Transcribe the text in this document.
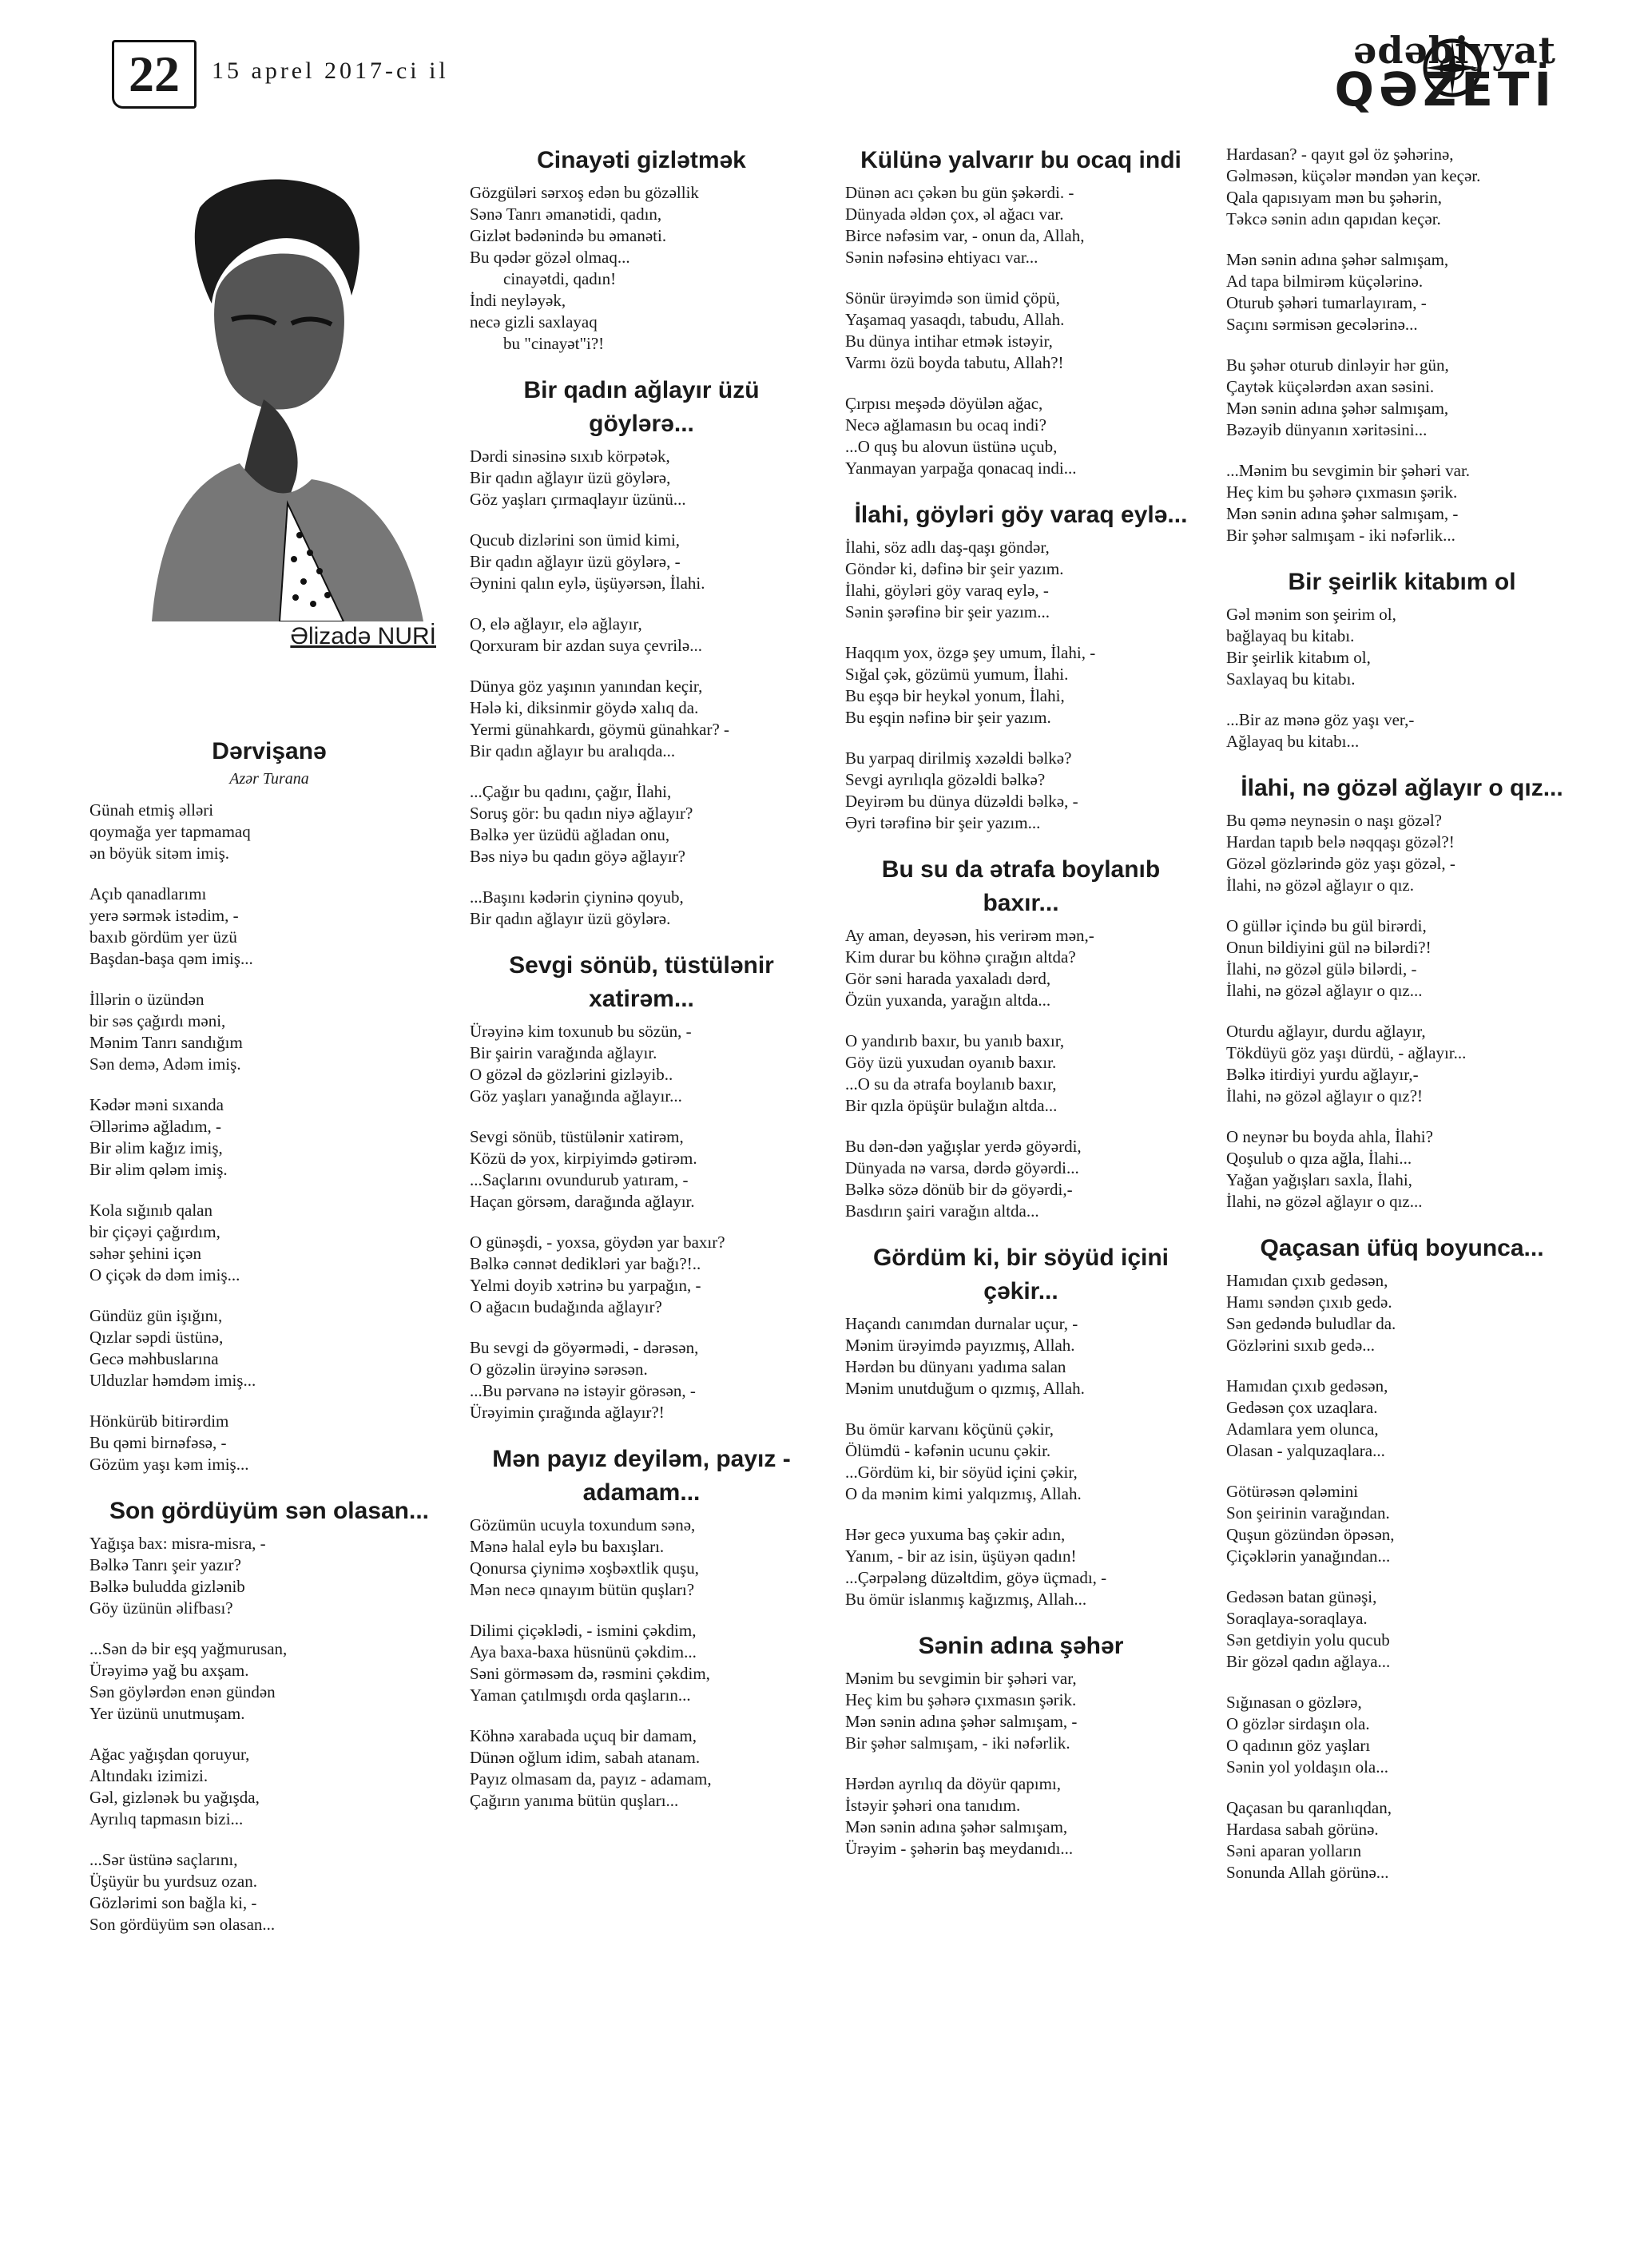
22	15 aprel 2017-ci il	ədəbiyyat
QƏZETİ
Əlizadə NURİ
Dərvişanə
Azər Turana
Günah etmiş əlləri
qoymağa yer tapmamaq
ən böyük sitəm imiş.
Açıb qanadlarımı
yerə sərmək istədim, -
baxıb gördüm yer üzü
Başdan-başa qəm imiş...
İllərin o üzündən
bir səs çağırdı məni,
Mənim Tanrı sandığım
Sən demə, Adəm imiş.
Kədər məni sıxanda
Əllərimə ağladım, -
Bir əlim kağız imiş,
Bir əlim qələm imiş.
Kola sığınıb qalan
bir çiçəyi çağırdım,
səhər şehini içən
O çiçək də dəm imiş...
Gündüz gün işığını,
Qızlar səpdi üstünə,
Gecə məhbuslarına
Ulduzlar həmdəm imiş...
Hönkürüb bitirərdim
Bu qəmi birnəfəsə, -
Gözüm yaşı kəm imiş...
Son gördüyüm sən olasan...
Yağışa bax: misra-misra, -
Bəlkə Tanrı şeir yazır?
Bəlkə buludda gizlənib
Göy üzünün əlifbası?
...Sən də bir eşq yağmurusan,
Ürəyimə yağ bu axşam.
Sən göylərdən enən gündən
Yer üzünü unutmuşam.
Ağac yağışdan qoruyur,
Altındakı izimizi.
Gəl, gizlənək bu yağışda,
Ayrılıq tapmasın bizi...
...Sər üstünə saçlarını,
Üşüyür bu yurdsuz ozan.
Gözlərimi son bağla ki, -
Son gördüyüm sən olasan...
Cinayəti gizlətmək
Gözgüləri sərxoş edən bu gözəllik
Sənə Tanrı əmanətidi, qadın,
Gizlət bədənində bu əmanəti.
Bu qədər gözəl olmaq...
cinayətdi, qadın!
İndi neyləyək,
necə gizli saxlayaq
bu "cinayət"i?!
Bir qadın ağlayır üzü göylərə...
Dərdi sinəsinə sıxıb körpətək,
Bir qadın ağlayır üzü göylərə,
Göz yaşları çırmaqlayır üzünü...
Qucub dizlərini son ümid kimi,
Bir qadın ağlayır üzü göylərə, -
Əynini qalın eylə, üşüyərsən, İlahi.
O, elə ağlayır, elə ağlayır,
Qorxuram bir azdan suya çevrilə...
Dünya göz yaşının yanından keçir,
Hələ ki, diksinmir göydə xalıq da.
Yermi günahkardı, göymü günahkar? -
Bir qadın ağlayır bu aralıqda...
...Çağır bu qadını, çağır, İlahi,
Soruş gör: bu qadın niyə ağlayır?
Bəlkə yer üzüdü ağladan onu,
Bəs niyə bu qadın göyə ağlayır?
...Başını kədərin çiyninə qoyub,
Bir qadın ağlayır üzü göylərə.
Sevgi sönüb, tüstülənir xatirəm...
Ürəyinə kim toxunub bu sözün, -
Bir şairin varağında ağlayır.
O gözəl də gözlərini gizləyib..
Göz yaşları yanağında ağlayır...
Sevgi sönüb, tüstülənir xatirəm,
Közü də yox, kirpiyimdə gətirəm.
...Saçlarını ovundurub yatıram, -
Haçan görsəm, darağında ağlayır.
O günəşdi, - yoxsa, göydən yar baxır?
Bəlkə cənnət dedikləri yar bağı?!..
Yelmi doyib xətrinə bu yarpağın, -
O ağacın budağında ağlayır?
Bu sevgi də göyərmədi, - dərəsən,
O gözəlin ürəyinə sərəsən.
...Bu pərvanə nə istəyir görəsən, -
Ürəyimin çırağında ağlayır?!
Mən payız deyiləm, payız - adamam...
Gözümün ucuyla toxundum sənə,
Mənə halal eylə bu baxışları.
Qonursa çiynimə xoşbəxtlik quşu,
Mən necə qınayım bütün quşları?
Dilimi çiçəklədi, - ismini çəkdim,
Aya baxa-baxa hüsnünü çəkdim...
Səni görməsəm də, rəsmini çəkdim,
Yaman çatılmışdı orda qaşların...
Köhnə xarabada uçuq bir damam,
Dünən oğlum idim, sabah atanam.
Payız olmasam da, payız - adamam,
Çağırın yanıma bütün quşları...
Külünə yalvarır bu ocaq indi
Dünən acı çəkən bu gün şəkərdi. -
Dünyada əldən çox, əl ağacı var.
Birce nəfəsim var, - onun da, Allah,
Sənin nəfəsinə ehtiyacı var...
Sönür ürəyimdə son ümid çöpü,
Yaşamaq yasaqdı, tabudu, Allah.
Bu dünya intihar etmək istəyir,
Varmı özü boyda tabutu, Allah?!
Çırpısı meşədə döyülən ağac,
Necə ağlamasın bu ocaq indi?
...O quş bu alovun üstünə uçub,
Yanmayan yarpağa qonacaq indi...
İlahi, göyləri göy varaq eylə...
İlahi, söz adlı daş-qaşı göndər,
Göndər ki, dəfinə bir şeir yazım.
İlahi, göyləri göy varaq eylə, -
Sənin şərəfinə bir şeir yazım...
Haqqım yox, özgə şey umum, İlahi, -
Sığal çək, gözümü yumum, İlahi.
Bu eşqə bir heykəl yonum, İlahi,
Bu eşqin nəfinə bir şeir yazım.
Bu yarpaq dirilmiş xəzəldi bəlkə?
Sevgi ayrılıqla gözəldi bəlkə?
Deyirəm bu dünya düzəldi bəlkə, -
Əyri tərəfinə bir şeir yazım...
Bu su da ətrafa boylanıb baxır...
Ay aman, deyəsən, his verirəm mən,-
Kim durar bu köhnə çırağın altda?
Gör səni harada yaxaladı dərd,
Özün yuxanda, yarağın altda...
O yandırıb baxır, bu yanıb baxır,
Göy üzü yuxudan oyanıb baxır.
...O su da ətrafa boylanıb baxır,
Bir qızla öpüşür bulağın altda...
Bu dən-dən yağışlar yerdə göyərdi,
Dünyada nə varsa, dərdə göyərdi...
Bəlkə sözə dönüb bir də göyərdi,-
Basdırın şairi varağın altda...
Gördüm ki, bir söyüd içini çəkir...
Haçandı canımdan durnalar uçur, -
Mənim ürəyimdə payızmış, Allah.
Hərdən bu dünyanı yadıma salan
Mənim unutduğum o qızmış, Allah.
Bu ömür karvanı köçünü çəkir,
Ölümdü - kəfənin ucunu çəkir.
...Gördüm ki, bir söyüd içini çəkir,
O da mənim kimi yalqızmış, Allah.
Hər gecə yuxuma baş çəkir adın,
Yanım, - bir az isin, üşüyən qadın!
...Çərpələng düzəltdim, göyə üçmadı, -
Bu ömür islanmış kağızmış, Allah...
Sənin adına şəhər
Mənim bu sevgimin bir şəhəri var,
Heç kim bu şəhərə çıxmasın şərik.
Mən sənin adına şəhər salmışam, -
Bir şəhər salmışam, - iki nəfərlik.
Hərdən ayrılıq da döyür qapımı,
İstəyir şəhəri ona tanıdım.
Mən sənin adına şəhər salmışam,
Ürəyim - şəhərin baş meydanıdı...
Hardasan? - qayıt gəl öz şəhərinə,
Gəlməsən, küçələr məndən yan keçər.
Qala qapısıyam mən bu şəhərin,
Təkcə sənin adın qapıdan keçər.
Mən sənin adına şəhər salmışam,
Ad tapa bilmirəm küçələrinə.
Oturub şəhəri tumarlayıram, -
Saçını sərmisən gecələrinə...
Bu şəhər oturub dinləyir hər gün,
Çaytək küçələrdən axan səsini.
Mən sənin adına şəhər salmışam,
Bəzəyib dünyanın xəritəsini...
...Mənim bu sevgimin bir şəhəri var.
Heç kim bu şəhərə çıxmasın şərik.
Mən sənin adına şəhər salmışam, -
Bir şəhər salmışam - iki nəfərlik...
Bir şeirlik kitabım ol
Gəl mənim son şeirim ol,
bağlayaq bu kitabı.
Bir şeirlik kitabım ol,
Saxlayaq bu kitabı.
...Bir az mənə göz yaşı ver,-
Ağlayaq bu kitabı...
İlahi, nə gözəl ağlayır o qız...
Bu qəmə neynəsin o naşı gözəl?
Hardan tapıb belə nəqqaşı gözəl?!
Gözəl gözlərində göz yaşı gözəl, -
İlahi, nə gözəl ağlayır o qız.
O güllər içində bu gül birərdi,
Onun bildiyini gül nə bilərdi?!
İlahi, nə gözəl gülə bilərdi, -
İlahi, nə gözəl ağlayır o qız...
Oturdu ağlayır, durdu ağlayır,
Tökdüyü göz yaşı dürdü, - ağlayır...
Bəlkə itirdiyi yurdu ağlayır,-
İlahi, nə gözəl ağlayır o qız?!
O neynər bu boyda ahla, İlahi?
Qoşulub o qıza ağla, İlahi...
Yağan yağışları saxla, İlahi,
İlahi, nə gözəl ağlayır o qız...
Qaçasan üfüq boyunca...
Hamıdan çıxıb gedəsən,
Hamı səndən çıxıb gedə.
Sən gedəndə buludlar da.
Gözlərini sıxıb gedə...
Hamıdan çıxıb gedəsən,
Gedəsən çox uzaqlara.
Adamlara yem olunca,
Olasan - yalquzaqlara...
Götürəsən qələmini
Son şeirinin varağından.
Quşun gözündən öpəsən,
Çiçəklərin yanağından...
Gedəsən batan günəşi,
Soraqlaya-soraqlaya.
Sən getdiyin yolu qucub
Bir gözəl qadın ağlaya...
Sığınasan o gözlərə,
O gözlər sirdaşın ola.
O qadının göz yaşları
Sənin yol yoldaşın ola...
Qaçasan bu qaranlıqdan,
Hardasa sabah görünə.
Səni aparan yolların
Sonunda Allah görünə...
